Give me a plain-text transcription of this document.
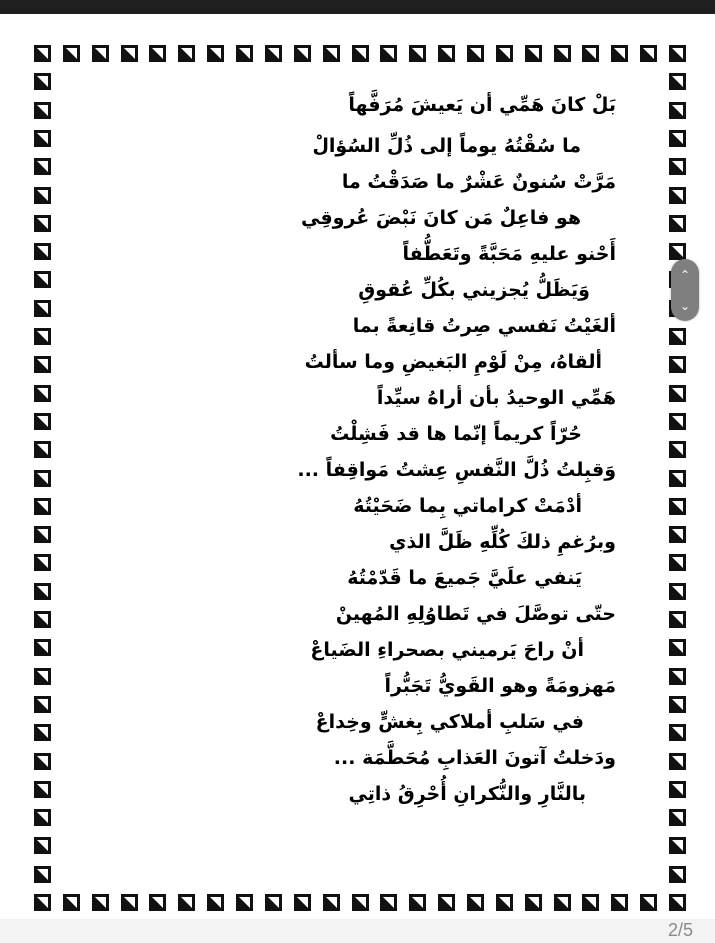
بَلْ كانَ هَمِّي أن يَعيشَ مُرَفَّهاً
ما سُقْتُهُ يوماً إلى ذُلِّ السُؤالْ
مَرَّتْ سُنونٌ عَشْرٌ ما صَدَقْتُ ما
هو فاعِلٌ مَن كانَ نَبْضَ عُروقِي
أَحْنو عليهِ مَحَبَّةً وتَعَطُّفاً
وَيَظَلُّ يُجزيني بكُلِّ عُقوقِ
ألغَيْتُ نَفسي صِرتُ قانِعةً بما
ألقاهُ، مِنْ لَوْمِ البَغيضِ وما سألتُ
هَمِّي الوحيدُ بأن أراهُ سيِّداً
حُرّاً كريماً إنّما ها قد فَشِلْتُ
وَقبِلتُ ذُلَّ النَّفسِ عِشتُ مَواقِفاً ...
أدْمَتْ كراماتي بِما ضَحَيْتُهُ
وبرُغمِ ذلكَ كُلِّهِ ظَلَّ الذي
يَنفي علَيَّ جَميعَ ما قَدّمْتُهُ
حتّى توصَّلَ في تَطاوُلِهِ المُهينْ
أنْ راحَ يَرميني بصحراءِ الضَياعْ
مَهزومَةً وهو القَويُّ تَجَبُّراً
في سَلبِ أملاكي بِغشٍّ وخِداعْ
ودَخلتُ آتونَ العَذابِ مُحَطَّمَة ...
بالنَّارِ والنُّكرانِ أُحْرِقُ ذاتِي
2/5
⌃
⌄
